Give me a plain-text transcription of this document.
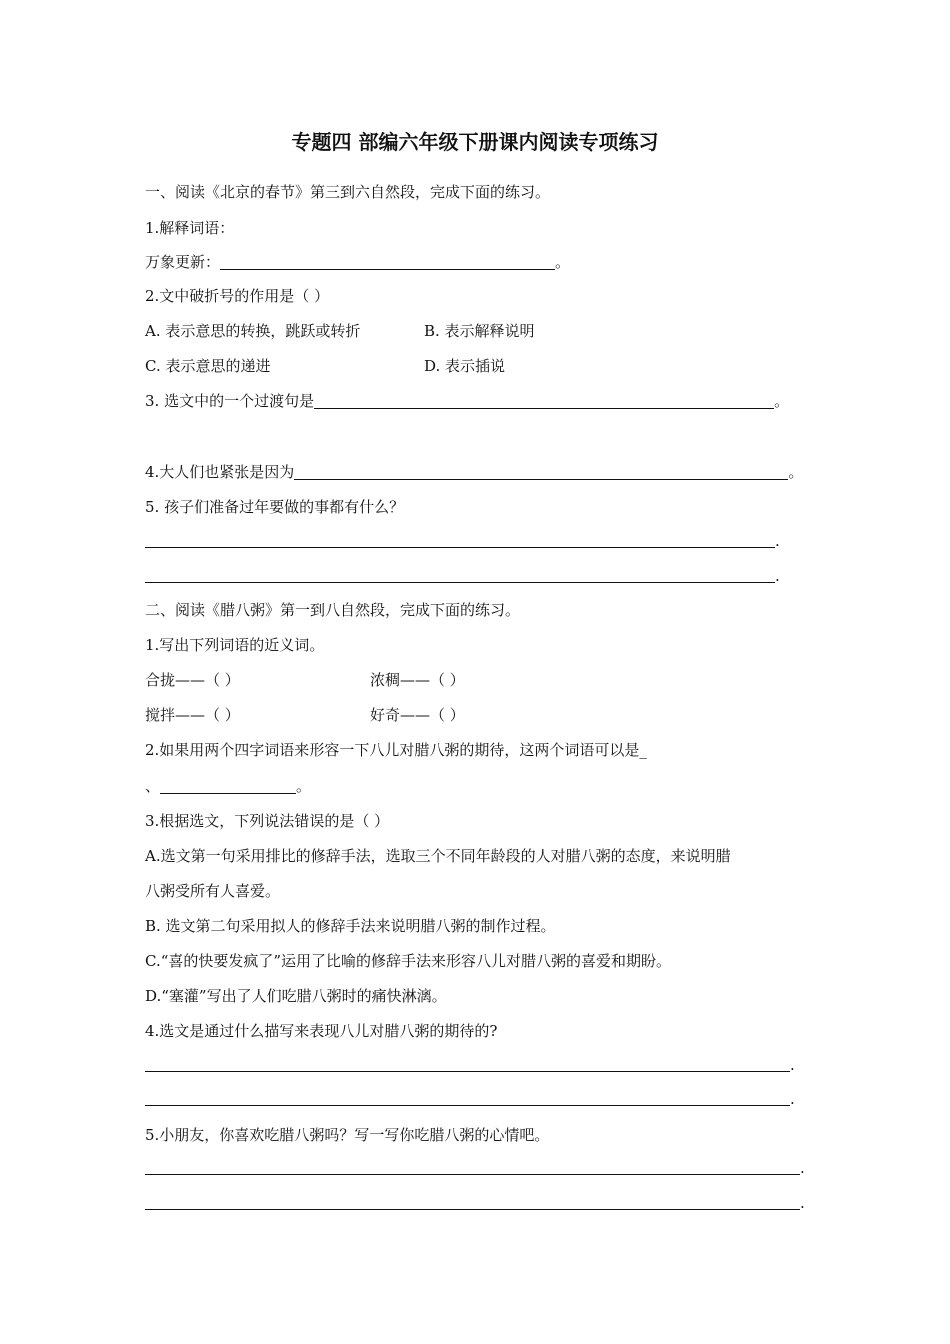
专题四 部编六年级下册课内阅读专项练习
一、阅读《北京的春节》第三到六自然段，完成下面的练习。
1.解释词语：
万象更新：	。
2.文中破折号的作用是（ ）
A. 表示意思的转换，跳跃或转折	B. 表示解释说明
C. 表示意思的递进	D. 表示插说
3. 选文中的一个过渡句是	。
4.大人们也紧张是因为	。
5. 孩子们准备过年要做的事都有什么？
.
.
二、阅读《腊八粥》第一到八自然段，完成下面的练习。
1.写出下列词语的近义词。
合拢——（ ）	浓稠——（ ）
搅拌——（ ）	好奇——（ ）
2.如果用两个四字词语来形容一下八儿对腊八粥的期待，这两个词语可以是_
、	。
3.根据选文，下列说法错误的是（ ）
A.选文第一句采用排比的修辞手法，选取三个不同年龄段的人对腊八粥的态度，来说明腊
八粥受所有人喜爱。
B. 选文第二句采用拟人的修辞手法来说明腊八粥的制作过程。
C.“喜的快要发疯了”运用了比喻的修辞手法来形容八儿对腊八粥的喜爱和期盼。
D.“塞灌”写出了人们吃腊八粥时的痛快淋漓。
4.选文是通过什么描写来表现八儿对腊八粥的期待的?
.
.
5.小朋友，你喜欢吃腊八粥吗？写一写你吃腊八粥的心情吧。
.
.
